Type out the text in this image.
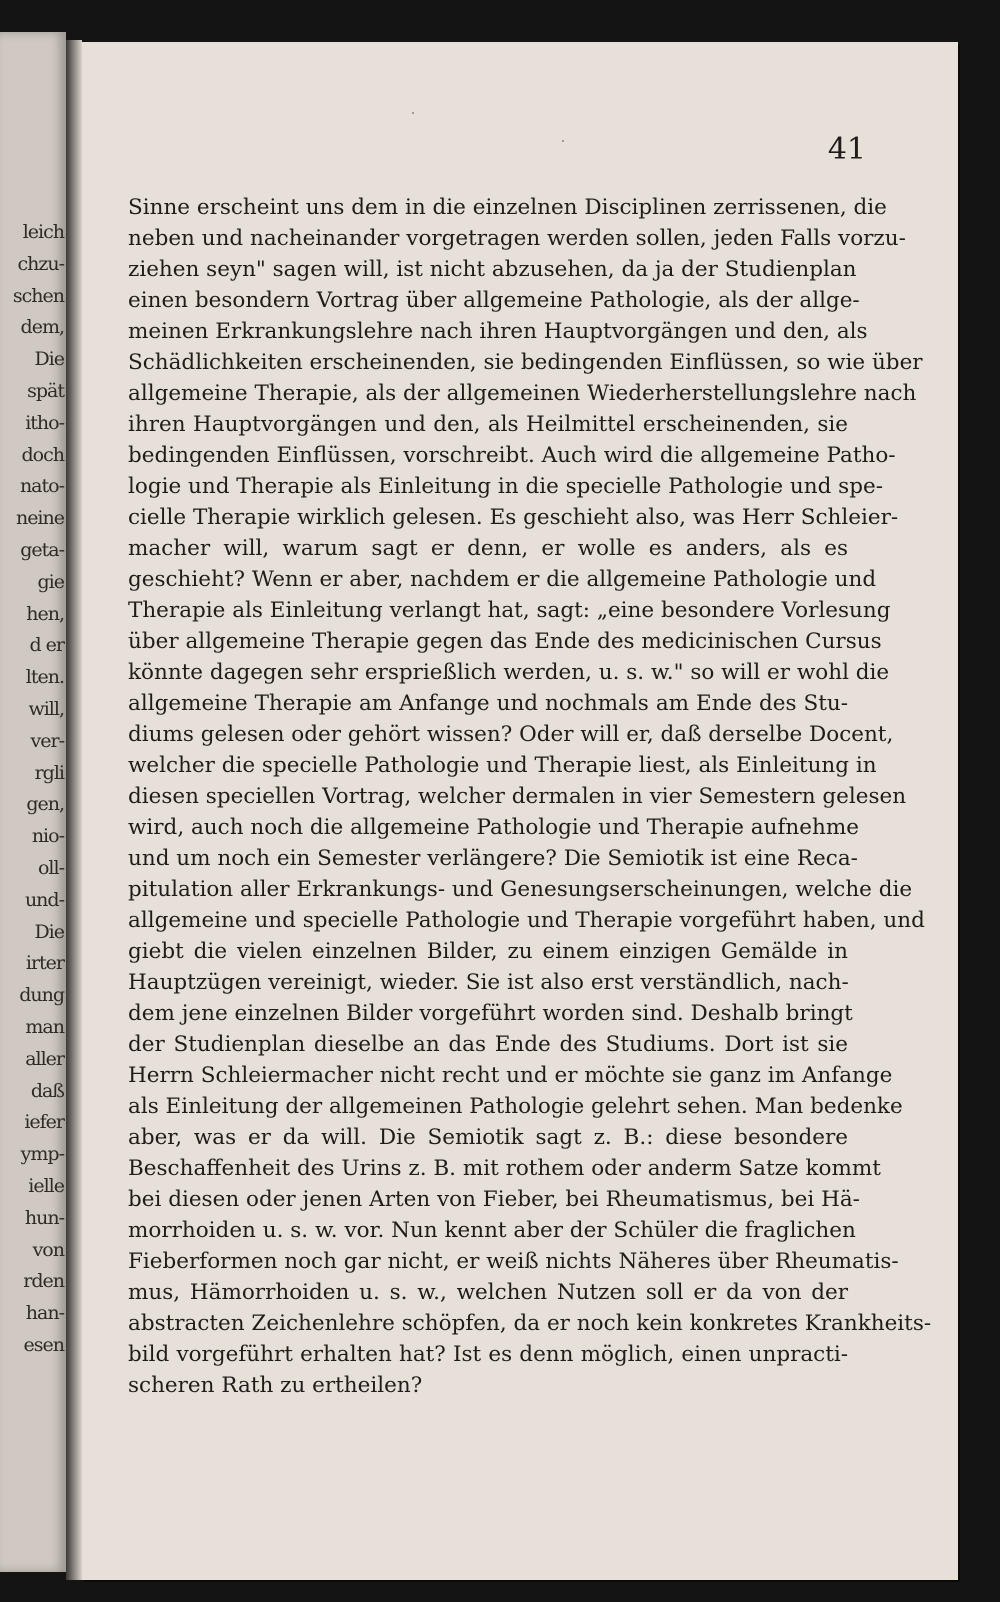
leich
chzu-
schen
dem,
Die
spät
itho-
doch
nato-
neine
geta-
gie
hen,
d er
lten.
will,
ver-
rgli
gen,
nio-
oll-
und-
Die
irter
dung
man
aller
daß
iefer
ymp-
ielle
hun-
von
rden
han-
esen

41

Sinne erscheint uns dem in die einzelnen Disciplinen zerrissenen, die
neben und nacheinander vorgetragen werden sollen, jeden Falls vorzu-
ziehen seyn" sagen will, ist nicht abzusehen, da ja der Studienplan
einen besondern Vortrag über allgemeine Pathologie, als der allge-
meinen Erkrankungslehre nach ihren Hauptvorgängen und den, als
Schädlichkeiten erscheinenden, sie bedingenden Einflüssen, so wie über
allgemeine Therapie, als der allgemeinen Wiederherstellungslehre nach
ihren Hauptvorgängen und den, als Heilmittel erscheinenden, sie
bedingenden Einflüssen, vorschreibt. Auch wird die allgemeine Patho-
logie und Therapie als Einleitung in die specielle Pathologie und spe-
cielle Therapie wirklich gelesen. Es geschieht also, was Herr Schleier-
macher will, warum sagt er denn, er wolle es anders, als es
geschieht? Wenn er aber, nachdem er die allgemeine Pathologie und
Therapie als Einleitung verlangt hat, sagt: „eine besondere Vorlesung
über allgemeine Therapie gegen das Ende des medicinischen Cursus
könnte dagegen sehr ersprießlich werden, u. s. w." so will er wohl die
allgemeine Therapie am Anfange und nochmals am Ende des Stu-
diums gelesen oder gehört wissen? Oder will er, daß derselbe Docent,
welcher die specielle Pathologie und Therapie liest, als Einleitung in
diesen speciellen Vortrag, welcher dermalen in vier Semestern gelesen
wird, auch noch die allgemeine Pathologie und Therapie aufnehme
und um noch ein Semester verlängere? Die Semiotik ist eine Reca-
pitulation aller Erkrankungs- und Genesungserscheinungen, welche die
allgemeine und specielle Pathologie und Therapie vorgeführt haben, und
giebt die vielen einzelnen Bilder, zu einem einzigen Gemälde in
Hauptzügen vereinigt, wieder. Sie ist also erst verständlich, nach-
dem jene einzelnen Bilder vorgeführt worden sind. Deshalb bringt
der Studienplan dieselbe an das Ende des Studiums. Dort ist sie
Herrn Schleiermacher nicht recht und er möchte sie ganz im Anfange
als Einleitung der allgemeinen Pathologie gelehrt sehen. Man bedenke
aber, was er da will. Die Semiotik sagt z. B.: diese besondere
Beschaffenheit des Urins z. B. mit rothem oder anderm Satze kommt
bei diesen oder jenen Arten von Fieber, bei Rheumatismus, bei Hä-
morrhoiden u. s. w. vor. Nun kennt aber der Schüler die fraglichen
Fieberformen noch gar nicht, er weiß nichts Näheres über Rheumatis-
mus, Hämorrhoiden u. s. w., welchen Nutzen soll er da von der
abstracten Zeichenlehre schöpfen, da er noch kein konkretes Krankheits-
bild vorgeführt erhalten hat? Ist es denn möglich, einen unpracti-
scheren Rath zu ertheilen?
